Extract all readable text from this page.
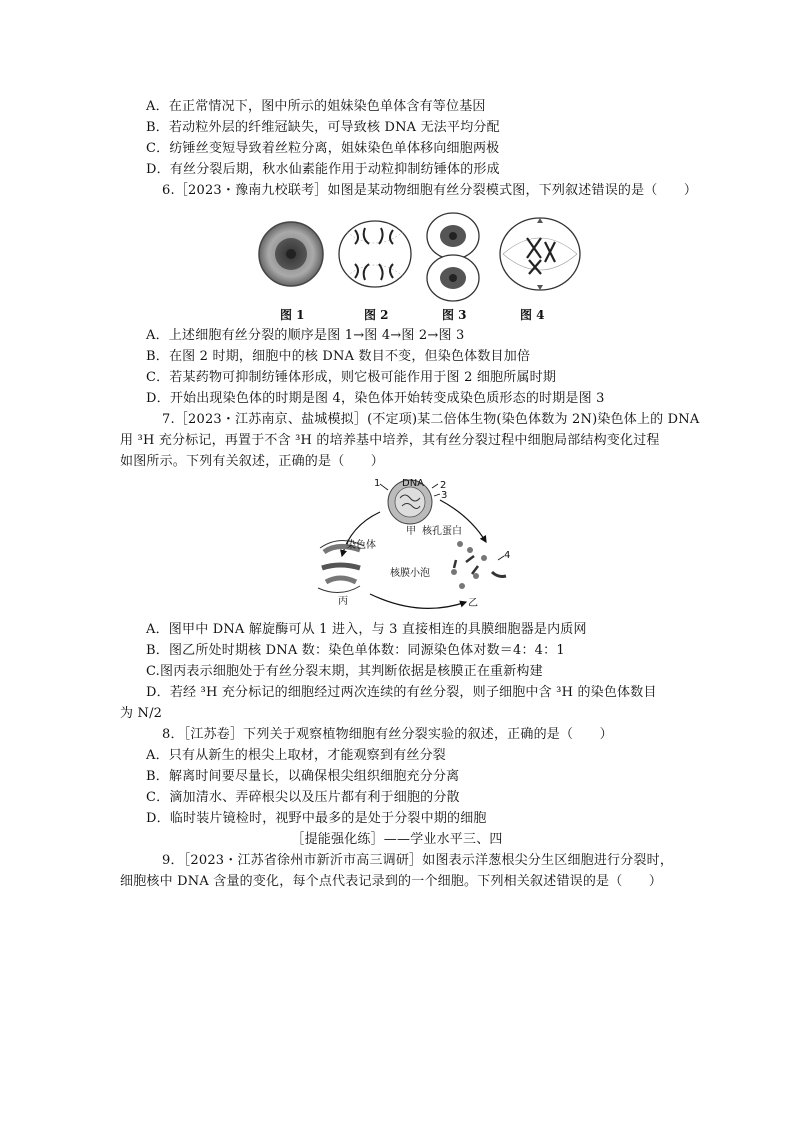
A．在正常情况下，图中所示的姐妹染色单体含有等位基因
B．若动粒外层的纤维冠缺失，可导致核 DNA 无法平均分配
C．纺锤丝变短导致着丝粒分离，姐妹染色单体移向细胞两极
D．有丝分裂后期，秋水仙素能作用于动粒抑制纺锤体的形成
6.［2023・豫南九校联考］如图是某动物细胞有丝分裂模式图，下列叙述错误的是（　　）
图 1	图 2	图 3	图 4
A．上述细胞有丝分裂的顺序是图 1→图 4→图 2→图 3
B．在图 2 时期，细胞中的核 DNA 数目不变，但染色体数目加倍
C．若某药物可抑制纺锤体形成，则它极可能作用于图 2 细胞所属时期
D．开始出现染色体的时期是图 4，染色体开始转变成染色质形态的时期是图 3
7.［2023・江苏南京、盐城模拟］(不定项)某二倍体生物(染色体数为 2N)染色体上的 DNA
用 ³H 充分标记，再置于不含 ³H 的培养基中培养，其有丝分裂过程中细胞局部结构变化过程
如图所示。下列有关叙述，正确的是（　　）
1 DNA 2
3
甲 核孔蛋白
染色体
丙
4
核膜小泡
乙
A．图甲中 DNA 解旋酶可从 1 进入，与 3 直接相连的具膜细胞器是内质网
B．图乙所处时期核 DNA 数：染色单体数：同源染色体对数＝4：4：1
C.图丙表示细胞处于有丝分裂末期，其判断依据是核膜正在重新构建
D．若经 ³H 充分标记的细胞经过两次连续的有丝分裂，则子细胞中含 ³H 的染色体数目
为 N/2
8．［江苏卷］下列关于观察植物细胞有丝分裂实验的叙述，正确的是（　　）
A．只有从新生的根尖上取材，才能观察到有丝分裂
B．解离时间要尽量长，以确保根尖组织细胞充分分离
C．滴加清水、弄碎根尖以及压片都有利于细胞的分散
D．临时装片镜检时，视野中最多的是处于分裂中期的细胞
［提能强化练］——学业水平三、四
9．［2023・江苏省徐州市新沂市高三调研］如图表示洋葱根尖分生区细胞进行分裂时，
细胞核中 DNA 含量的变化，每个点代表记录到的一个细胞。下列相关叙述错误的是（　　）
